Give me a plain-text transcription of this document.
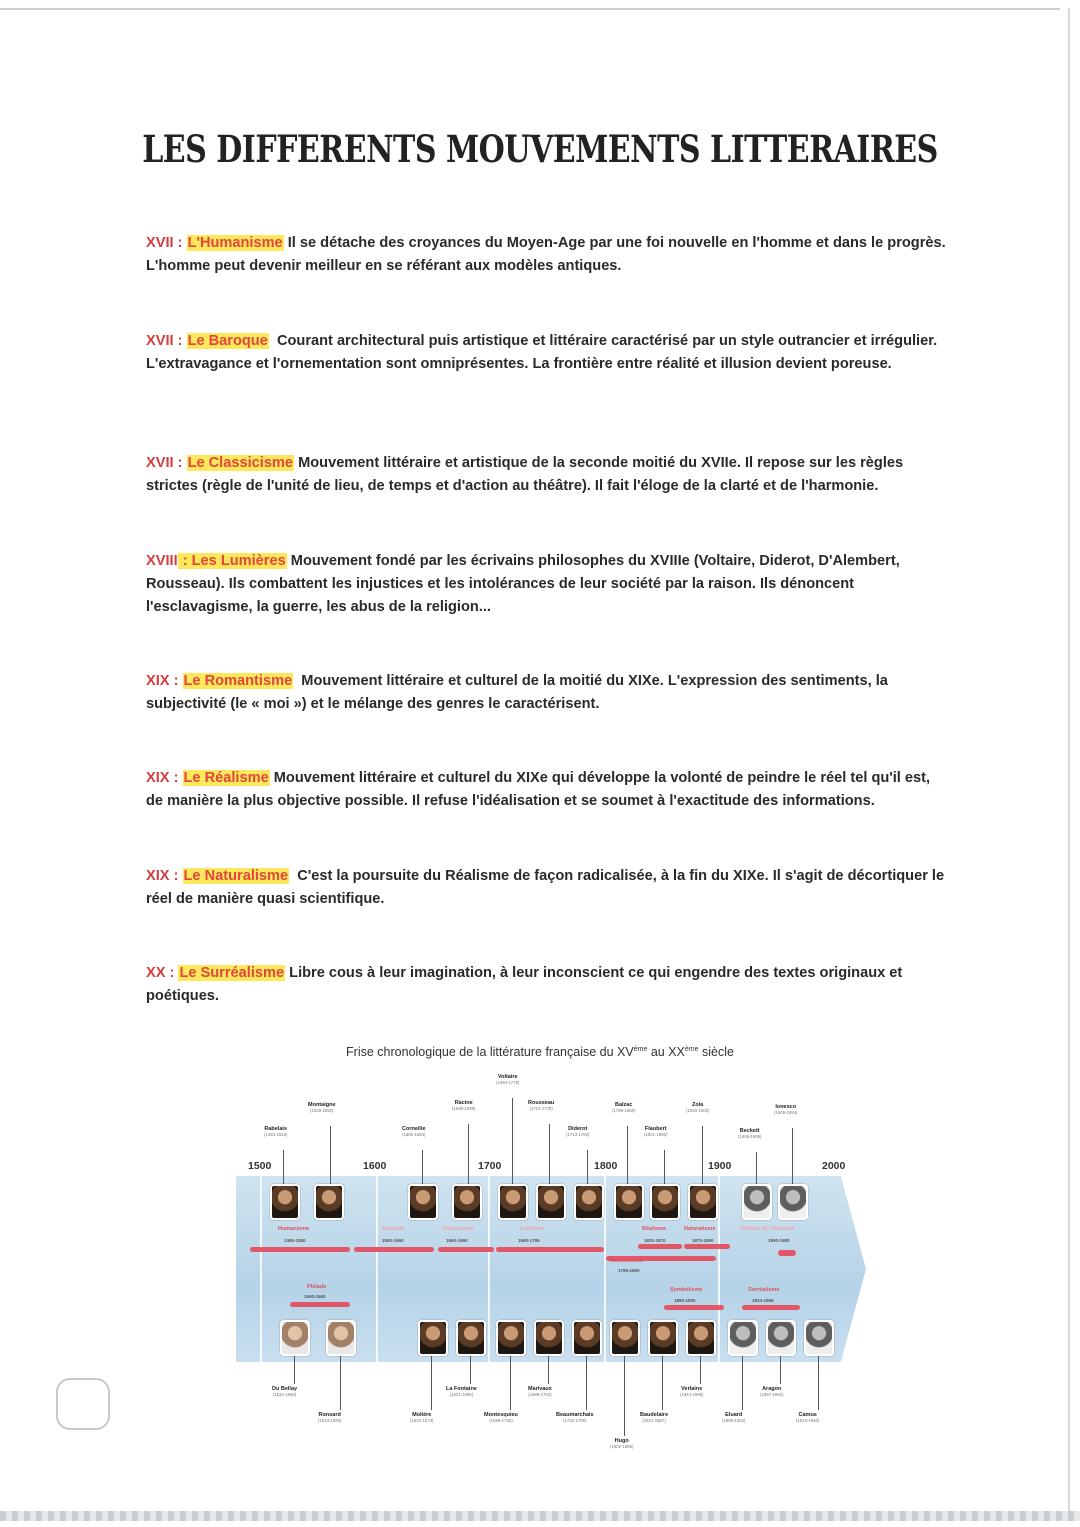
LES DIFFERENTS MOUVEMENTS LITTERAIRES
XVII : L'Humanisme Il se détache des croyances du Moyen-Age par une foi nouvelle en l'homme et dans le progrès. L'homme peut devenir meilleur en se référant aux modèles antiques.
XVII : Le Baroque Courant architectural puis artistique et littéraire caractérisé par un style outrancier et irrégulier. L'extravagance et l'ornementation sont omniprésentes. La frontière entre réalité et illusion devient poreuse.
XVII : Le Classicisme Mouvement littéraire et artistique de la seconde moitié du XVIIe. Il repose sur les règles strictes (règle de l'unité de lieu, de temps et d'action au théâtre). Il fait l'éloge de la clarté et de l'harmonie.
XVIII : Les Lumières Mouvement fondé par les écrivains philosophes du XVIIIe (Voltaire, Diderot, D'Alembert, Rousseau). Ils combattent les injustices et les intolérances de leur société par la raison. Ils dénoncent l'esclavagisme, la guerre, les abus de la religion...
XIX : Le Romantisme Mouvement littéraire et culturel de la moitié du XIXe. L'expression des sentiments, la subjectivité (le « moi ») et le mélange des genres le caractérisent.
XIX : Le Réalisme Mouvement littéraire et culturel du XIXe qui développe la volonté de peindre le réel tel qu'il est, de manière la plus objective possible. Il refuse l'idéalisation et se soumet à l'exactitude des informations.
XIX : Le Naturalisme C'est la poursuite du Réalisme de façon radicalisée, à la fin du XIXe. Il s'agit de décortiquer le réel de manière quasi scientifique.
XX : Le Surréalisme Libre cous à leur imagination, à leur inconscient ce qui engendre des textes originaux et poétiques.
Frise chronologique de la littérature française du XVème au XXème siècle
1500	1600	1700	1800	1900	2000
Humanisme
1490-1580
Baroque
1580-1660
Classicisme
1660-1690
Lumières
1690-1789
Réalisme
1830-1870
Naturalisme
1870-1890
Théâtre de l'Absurde
1950-1980
Romantisme
1795-1860
Pléiade
1550-1560
Symbolisme
1850-1900
Surréalisme
1924-1966
Rabelais
(1483-1553)
Montaigne
(1533-1592)
Corneille
(1606-1684)
Racine
(1639-1699)
Voltaire
(1694-1778)
Rousseau
(1712-1778)
Diderot
(1713-1784)
Balzac
(1799-1850)
Flaubert
(1821-1880)
Zola
(1840-1902)
Beckett
(1906-1989)
Ionesco
(1909-1994)
Du Bellay
(1522-1560)
Ronsard
(1524-1585)
Molière
(1622-1673)
La Fontaine
(1621-1695)
Montesquieu
(1689-1755)
Marivaux
(1688-1763)
Beaumarchais
(1732-1799)
Hugo
(1802-1885)
Baudelaire
(1821-1867)
Verlaine
(1844-1896)
Eluard
(1895-1952)
Aragon
(1897-1982)
Camus
(1913-1960)
